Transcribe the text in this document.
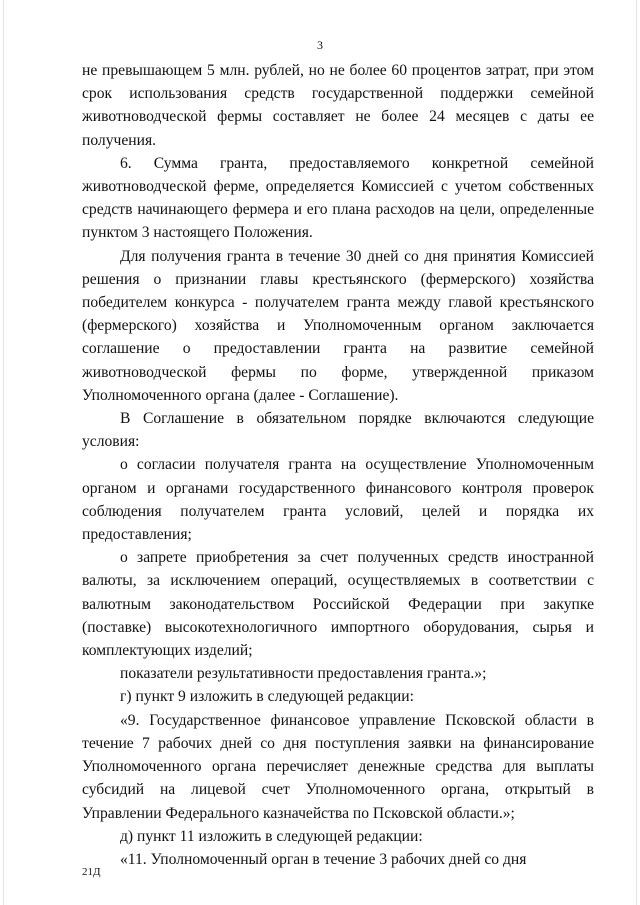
3

не превышающем 5 млн. рублей, но не более 60 процентов затрат, при этом срок использования средств государственной поддержки семейной животноводческой фермы составляет не более 24 месяцев с даты ее получения.

6. Сумма гранта, предоставляемого конкретной семейной животноводческой ферме, определяется Комиссией с учетом собственных средств начинающего фермера и его плана расходов на цели, определенные пунктом 3 настоящего Положения.

Для получения гранта в течение 30 дней со дня принятия Комиссией решения о признании главы крестьянского (фермерского) хозяйства победителем конкурса - получателем гранта между главой крестьянского (фермерского) хозяйства и Уполномоченным органом заключается соглашение о предоставлении гранта на развитие семейной животноводческой фермы по форме, утвержденной приказом Уполномоченного органа (далее - Соглашение).

В Соглашение в обязательном порядке включаются следующие условия:

о согласии получателя гранта на осуществление Уполномоченным органом и органами государственного финансового контроля проверок соблюдения получателем гранта условий, целей и порядка их предоставления;

о запрете приобретения за счет полученных средств иностранной валюты, за исключением операций, осуществляемых в соответствии с валютным законодательством Российской Федерации при закупке (поставке) высокотехнологичного импортного оборудования, сырья и комплектующих изделий;

показатели результативности предоставления гранта.»;

г) пункт 9 изложить в следующей редакции:

«9. Государственное финансовое управление Псковской области в течение 7 рабочих дней со дня поступления заявки на финансирование Уполномоченного органа перечисляет денежные средства для выплаты субсидий на лицевой счет Уполномоченного органа, открытый в Управлении Федерального казначейства по Псковской области.»;

д) пункт 11 изложить в следующей редакции:

«11. Уполномоченный орган в течение 3 рабочих дней со дня

21Д
